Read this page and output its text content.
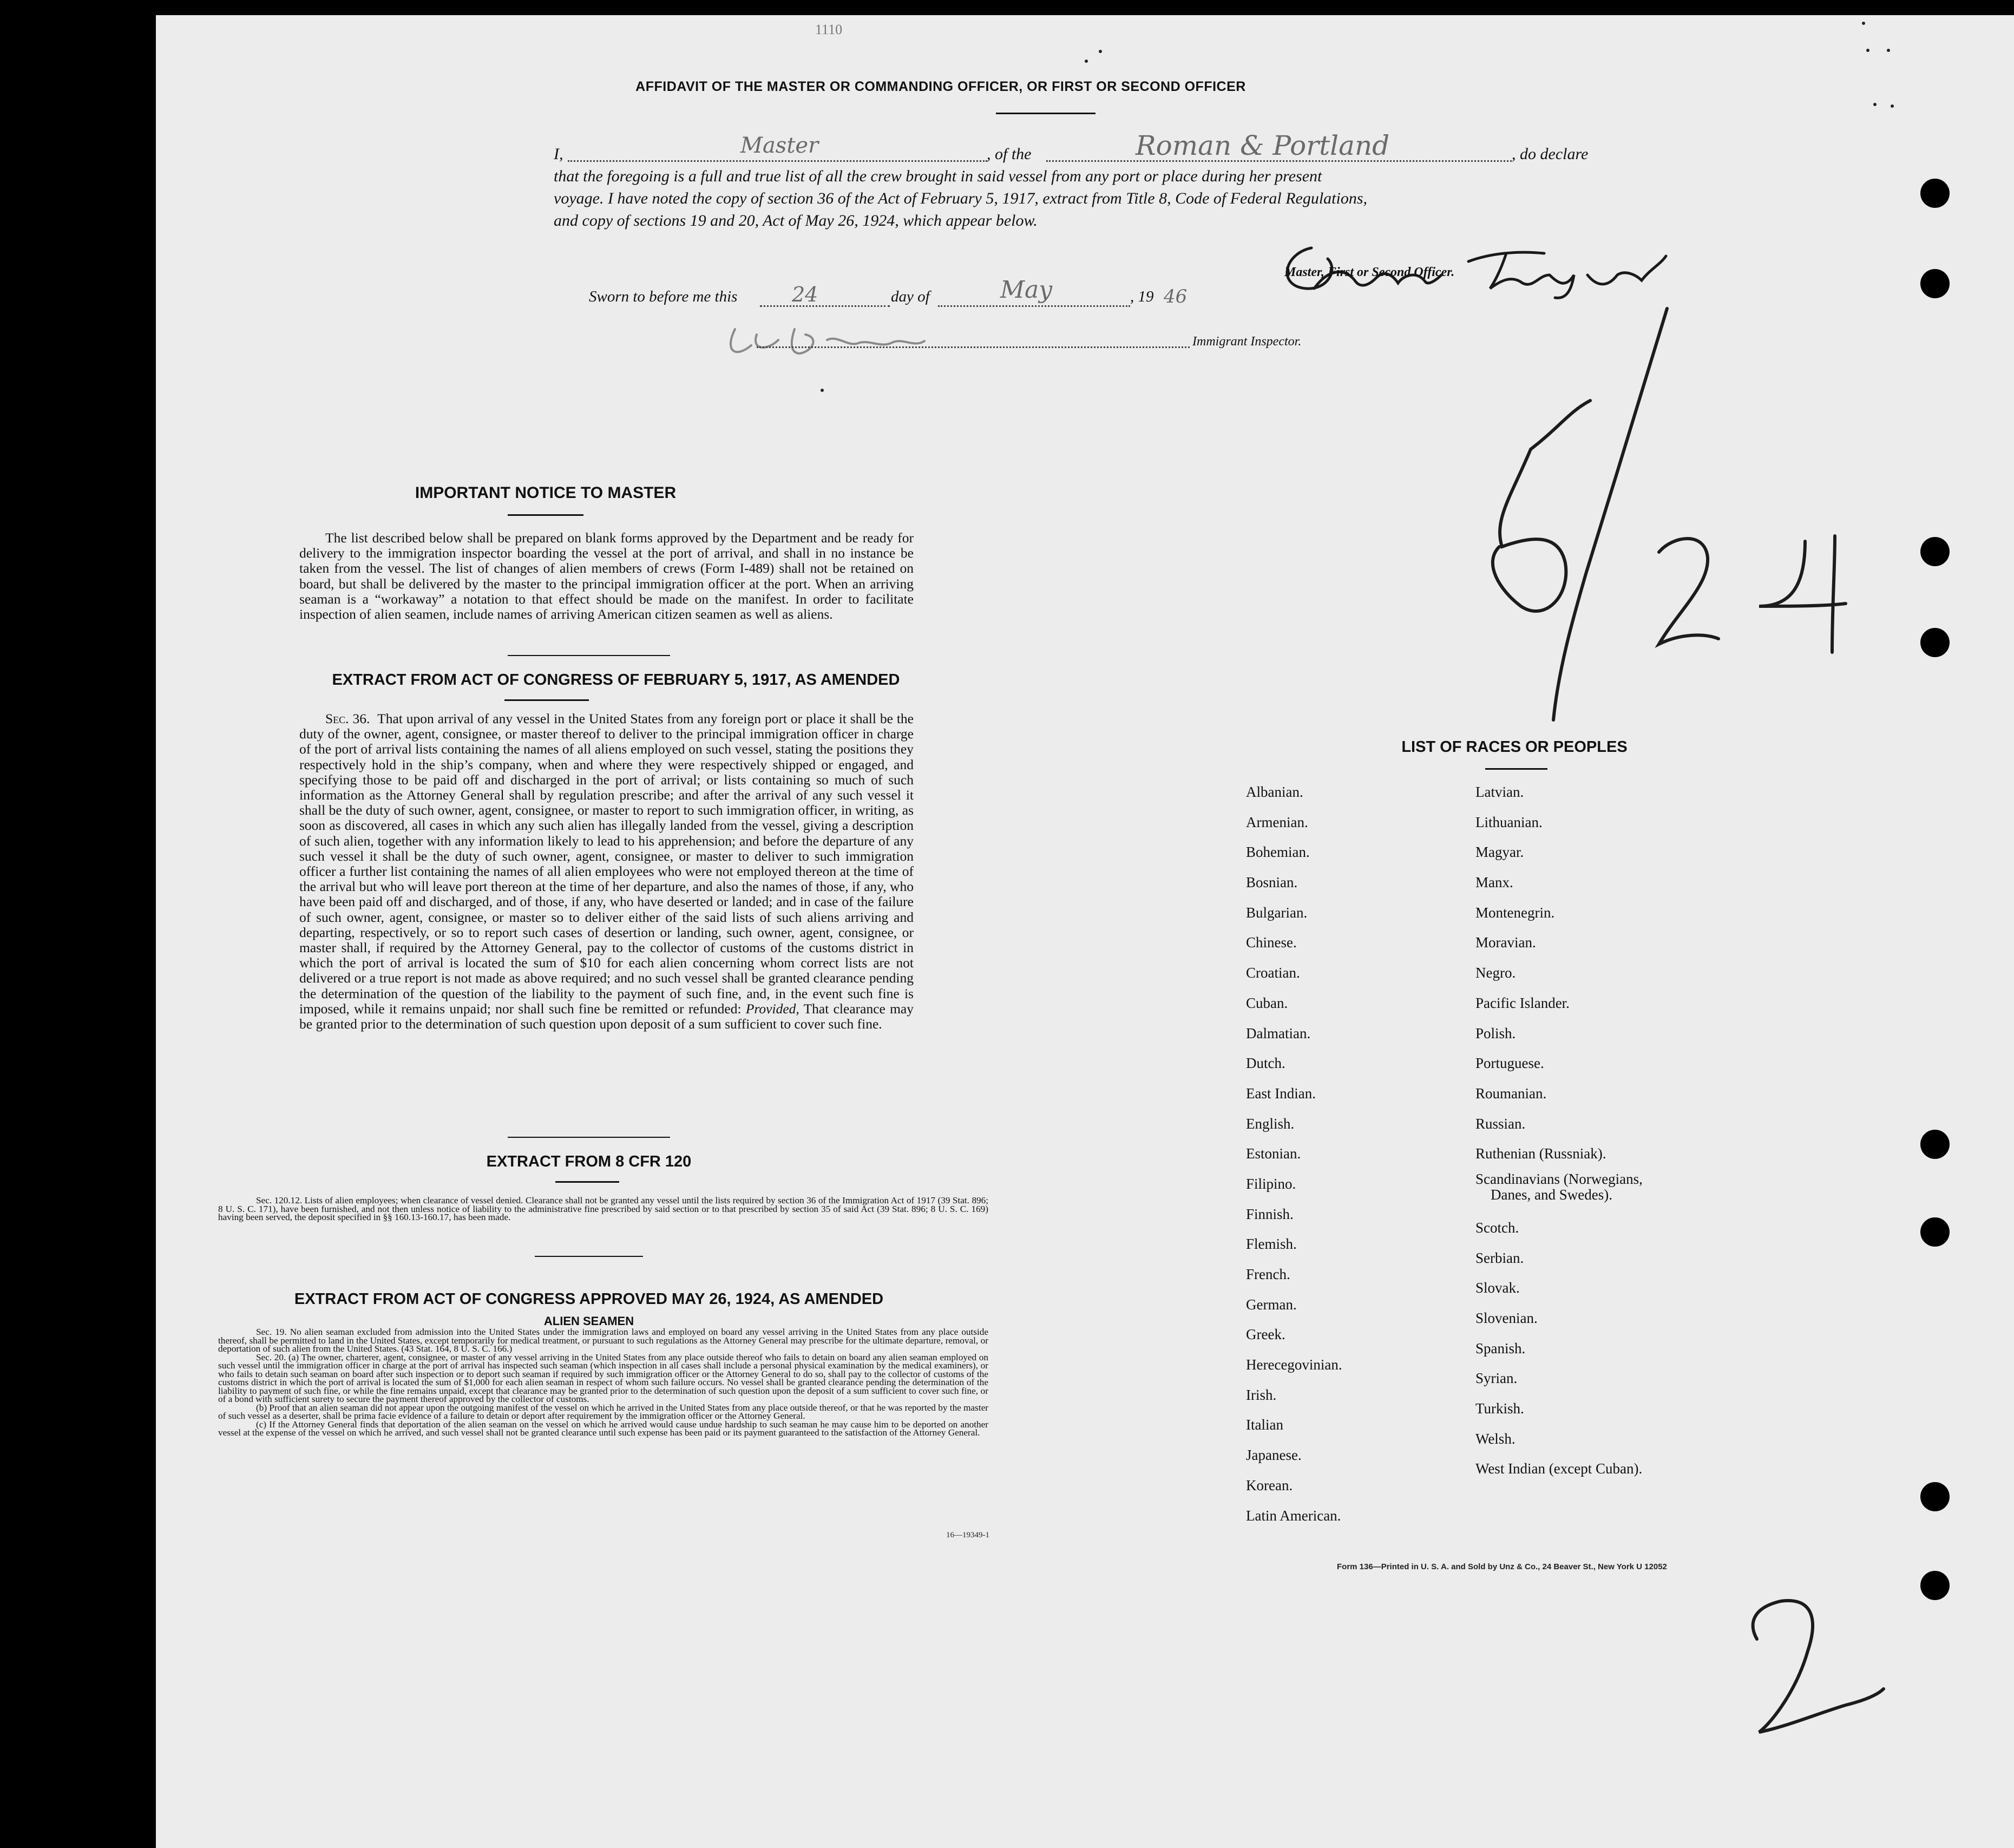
1110
AFFIDAVIT OF THE MASTER OR COMMANDING OFFICER, OR FIRST OR SECOND OFFICER
I,	, of the	, do declare
that the foregoing is a full and true list of all the crew brought in said vessel from any port or place during her present
voyage. I have noted the copy of section 36 of the Act of February 5, 1917, extract from Title 8, Code of Federal Regulations,
and copy of sections 19 and 20, Act of May 26, 1924, which appear below.
Master	Roman & Portland
Master, First or Second Officer.
Sworn to before me this	24	day of	May	, 19 46
Immigrant Inspector.
IMPORTANT NOTICE TO MASTER
The list described below shall be prepared on blank forms approved by the Department and be ready for delivery to the immigration inspector boarding the vessel at the port of arrival, and shall in no instance be taken from the vessel. The list of changes of alien members of crews (Form I-489) shall not be retained on board, but shall be delivered by the master to the principal immigration officer at the port. When an arriving seaman is a “workaway” a notation to that effect should be made on the manifest. In order to facilitate inspection of alien seamen, include names of arriving American citizen seamen as well as aliens.
EXTRACT FROM ACT OF CONGRESS OF FEBRUARY 5, 1917, AS AMENDED
Sec. 36. That upon arrival of any vessel in the United States from any foreign port or place it shall be the duty of the owner, agent, consignee, or master thereof to deliver to the principal immigration officer in charge of the port of arrival lists containing the names of all aliens employed on such vessel, stating the positions they respectively hold in the ship’s company, when and where they were respectively shipped or engaged, and specifying those to be paid off and discharged in the port of arrival; or lists containing so much of such information as the Attorney General shall by regulation prescribe; and after the arrival of any such vessel it shall be the duty of such owner, agent, consignee, or master to report to such immigration officer, in writing, as soon as discovered, all cases in which any such alien has illegally landed from the vessel, giving a description of such alien, together with any information likely to lead to his apprehension; and before the departure of any such vessel it shall be the duty of such owner, agent, consignee, or master to deliver to such immigration officer a further list containing the names of all alien employees who were not employed thereon at the time of the arrival but who will leave port thereon at the time of her departure, and also the names of those, if any, who have been paid off and discharged, and of those, if any, who have deserted or landed; and in case of the failure of such owner, agent, consignee, or master so to deliver either of the said lists of such aliens arriving and departing, respectively, or so to report such cases of desertion or landing, such owner, agent, consignee, or master shall, if required by the Attorney General, pay to the collector of customs of the customs district in which the port of arrival is located the sum of $10 for each alien concerning whom correct lists are not delivered or a true report is not made as above required; and no such vessel shall be granted clearance pending the determination of the question of the liability to the payment of such fine, and, in the event such fine is imposed, while it remains unpaid; nor shall such fine be remitted or refunded: Provided, That clearance may be granted prior to the determination of such question upon deposit of a sum sufficient to cover such fine.
EXTRACT FROM 8 CFR 120
Sec. 120.12. Lists of alien employees; when clearance of vessel denied. Clearance shall not be granted any vessel until the lists required by section 36 of the Immigration Act of 1917 (39 Stat. 896; 8 U. S. C. 171), have been furnished, and not then unless notice of liability to the administrative fine prescribed by said section or to that prescribed by section 35 of said Act (39 Stat. 896; 8 U. S. C. 169) having been served, the deposit specified in §§ 160.13-160.17, has been made.
EXTRACT FROM ACT OF CONGRESS APPROVED MAY 26, 1924, AS AMENDED
ALIEN SEAMEN
Sec. 19. No alien seaman excluded from admission into the United States under the immigration laws and employed on board any vessel arriving in the United States from any place outside thereof, shall be permitted to land in the United States, except temporarily for medical treatment, or pursuant to such regulations as the Attorney General may prescribe for the ultimate departure, removal, or deportation of such alien from the United States. (43 Stat. 164, 8 U. S. C. 166.)
Sec. 20. (a) The owner, charterer, agent, consignee, or master of any vessel arriving in the United States from any place outside thereof who fails to detain on board any alien seaman employed on such vessel until the immigration officer in charge at the port of arrival has inspected such seaman (which inspection in all cases shall include a personal physical examination by the medical examiners), or who fails to detain such seaman on board after such inspection or to deport such seaman if required by such immigration officer or the Attorney General to do so, shall pay to the collector of customs of the customs district in which the port of arrival is located the sum of $1,000 for each alien seaman in respect of whom such failure occurs. No vessel shall be granted clearance pending the determination of the liability to payment of such fine, or while the fine remains unpaid, except that clearance may be granted prior to the determination of such question upon the deposit of a sum sufficient to cover such fine, or of a bond with sufficient surety to secure the payment thereof approved by the collector of customs.
(b) Proof that an alien seaman did not appear upon the outgoing manifest of the vessel on which he arrived in the United States from any place outside thereof, or that he was reported by the master of such vessel as a deserter, shall be prima facie evidence of a failure to detain or deport after requirement by the immigration officer or the Attorney General.
(c) If the Attorney General finds that deportation of the alien seaman on the vessel on which he arrived would cause undue hardship to such seaman he may cause him to be deported on another vessel at the expense of the vessel on which he arrived, and such vessel shall not be granted clearance until such expense has been paid or its payment guaranteed to the satisfaction of the Attorney General.
16—19349-1
LIST OF RACES OR PEOPLES
Albanian.
Armenian.
Bohemian.
Bosnian.
Bulgarian.
Chinese.
Croatian.
Cuban.
Dalmatian.
Dutch.
East Indian.
English.
Estonian.
Filipino.
Finnish.
Flemish.
French.
German.
Greek.
Herecegovinian.
Irish.
Italian
Japanese.
Korean.
Latin American.
Latvian.
Lithuanian.
Magyar.
Manx.
Montenegrin.
Moravian.
Negro.
Pacific Islander.
Polish.
Portuguese.
Roumanian.
Russian.
Ruthenian (Russniak).
Scandinavians (Norwegians,
Danes, and Swedes).
Scotch.
Serbian.
Slovak.
Slovenian.
Spanish.
Syrian.
Turkish.
Welsh.
West Indian (except Cuban).
Form 136—Printed in U. S. A. and Sold by Unz & Co., 24 Beaver St., New York U 12052
